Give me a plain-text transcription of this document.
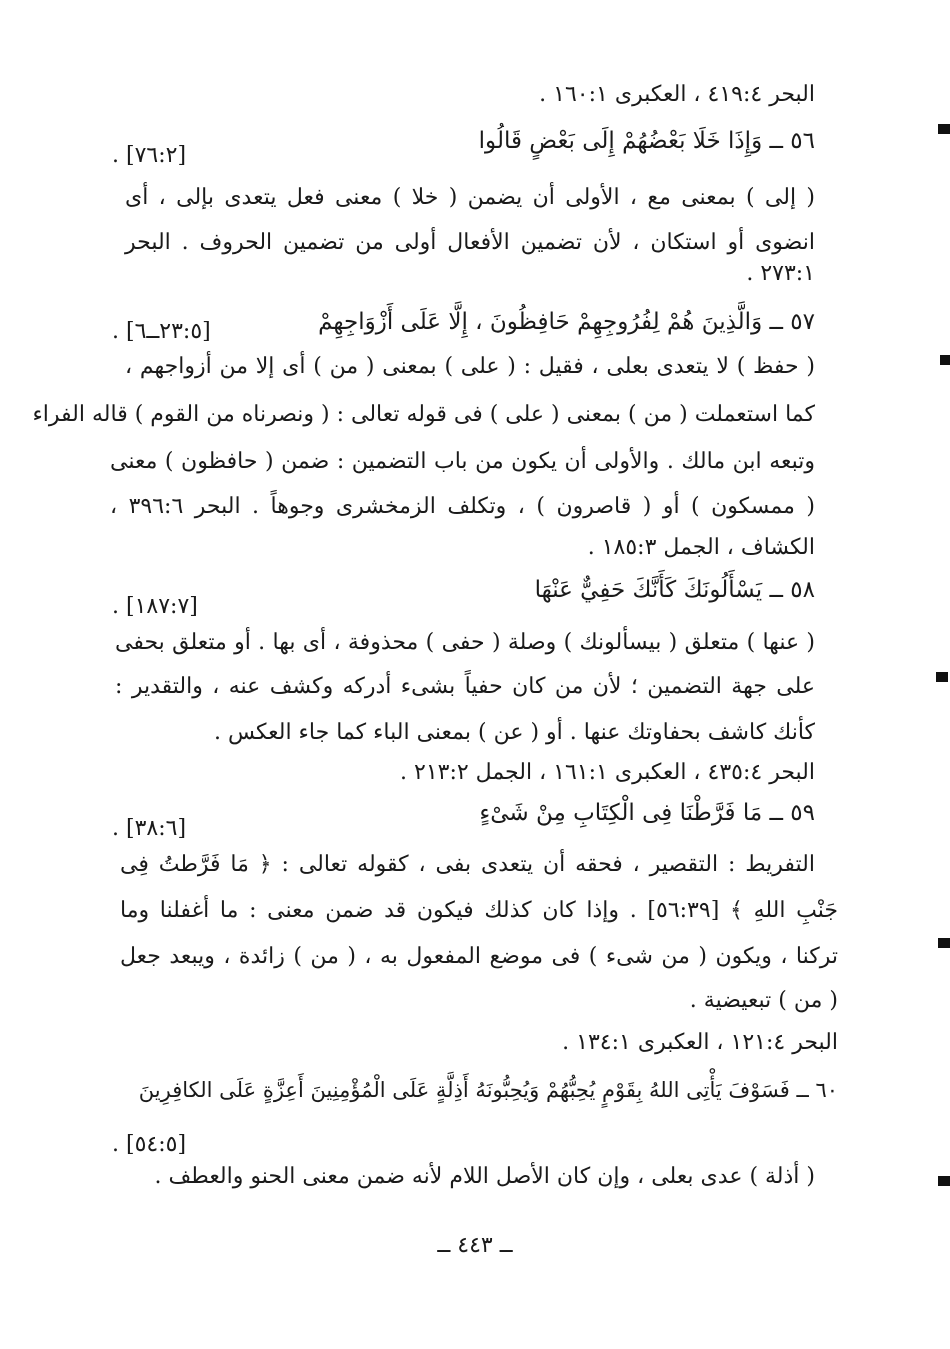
البحر ٤١٩:٤ ، العكبرى ١٦٠:١ .
٥٦ ــ وَإِذَا خَلَا بَعْضُهُمْ إِلَى بَعْضٍ قَالُوا
[٧٦:٢] .
( إلى ) بمعنى مع ، الأولى أن يضمن ( خلا ) معنى فعل يتعدى بإلى ، أى
انضوى أو استكان ، لأن تضمين الأفعال أولى من تضمين الحروف . البحر
٢٧٣:١ .
٥٧ ــ وَالَّذِينَ هُمْ لِفُرُوجِهِمْ حَافِظُونَ ، إِلَّا عَلَى أَزْوَاجِهِمْ
[٢٣:٥ــ٦] .
( حفظ ) لا يتعدى بعلى ، فقيل : ( على ) بمعنى ( من ) أى إلا من أزواجهم ،
كما استعملت ( من ) بمعنى ( على ) فى قوله تعالى : ( ونصرناه من القوم ) قاله الفراء
وتبعه ابن مالك . والأولى أن يكون من باب التضمين : ضمن ( حافظون ) معنى
( ممسكون ) أو ( قاصرون ) ، وتكلف الزمخشرى وجوهاً . البحر ٣٩٦:٦ ،
الكشاف ، الجمل ١٨٥:٣ .
٥٨ ــ يَسْأَلُونَكَ كَأَنَّكَ حَفِيٌّ عَنْهَا
[١٨٧:٧] .
( عنها ) متعلق ( بيسألونك ) وصلة ( حفى ) محذوفة ، أى بها . أو متعلق بحفى
على جهة التضمين ؛ لأن من كان حفياً بشىء أدركه وكشف عنه ، والتقدير :
كأنك كاشف بحفاوتك عنها . أو ( عن ) بمعنى الباء كما جاء العكس .
البحر ٤٣٥:٤ ، العكبرى ١٦١:١ ، الجمل ٢١٣:٢ .
٥٩ ــ مَا فَرَّطْنَا فِى الْكِتَابِ مِنْ شَىْءٍ
[٣٨:٦] .
التفريط : التقصير ، فحقه أن يتعدى بفى ، كقوله تعالى : ﴿ مَا فَرَّطتُ فِى
جَنْبِ اللهِ ﴾ [٥٦:٣٩] . وإذا كان كذلك فيكون قد ضمن معنى : ما أغفلنا وما
تركنا ، ويكون ( من شىء ) فى موضع المفعول به ، ( من ) زائدة ، ويبعد جعل
( من ) تبعيضية .
البحر ١٢١:٤ ، العكبرى ١٣٤:١ .
٦٠ ــ فَسَوْفَ يَأْتِى اللهُ بِقَوْمٍ يُحِبُّهُمْ وَيُحِبُّونَهُ أَذِلَّةٍ عَلَى الْمُؤْمِنِينَ أَعِزَّةٍ عَلَى الكافِرِينَ
[٥٤:٥] .
( أذلة ) عدى بعلى ، وإن كان الأصل اللام لأنه ضمن معنى الحنو والعطف .
ــ ٤٤٣ ــ
